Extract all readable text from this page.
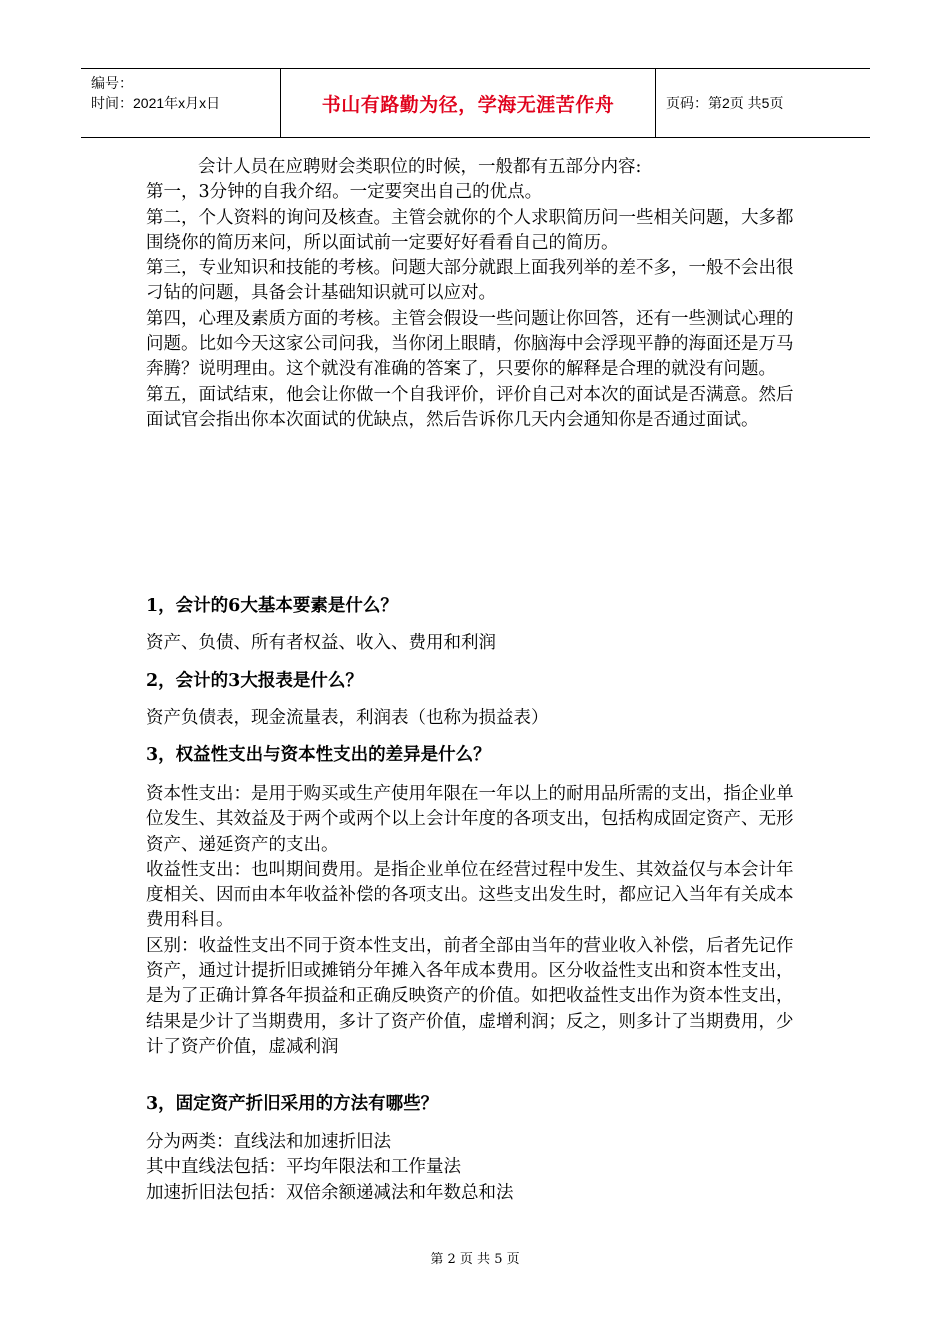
编号：
时间：2021年x月x日	书山有路勤为径，学海无涯苦作舟	页码：第2页 共5页

会计人员在应聘财会类职位的时候，一般都有五部分内容:

第一，3分钟的自我介绍。一定要突出自己的优点。

第二，个人资料的询问及核查。主管会就你的个人求职简历问一些相关问题，大多都围绕你的简历来问，所以面试前一定要好好看看自己的简历。

第三，专业知识和技能的考核。问题大部分就跟上面我列举的差不多，一般不会出很刁钻的问题，具备会计基础知识就可以应对。

第四，心理及素质方面的考核。主管会假设一些问题让你回答，还有一些测试心理的问题。比如今天这家公司问我，当你闭上眼睛，你脑海中会浮现平静的海面还是万马奔腾？说明理由。这个就没有准确的答案了，只要你的解释是合理的就没有问题。

第五，面试结束，他会让你做一个自我评价，评价自己对本次的面试是否满意。然后面试官会指出你本次面试的优缺点，然后告诉你几天内会通知你是否通过面试。

1，会计的6大基本要素是什么？

资产、负债、所有者权益、收入、费用和利润

2，会计的3大报表是什么？

资产负债表，现金流量表，利润表（也称为损益表）

3，权益性支出与资本性支出的差异是什么？

资本性支出：是用于购买或生产使用年限在一年以上的耐用品所需的支出，指企业单位发生、其效益及于两个或两个以上会计年度的各项支出，包括构成固定资产、无形资产、递延资产的支出。

收益性支出：也叫期间费用。是指企业单位在经营过程中发生、其效益仅与本会计年度相关、因而由本年收益补偿的各项支出。这些支出发生时，都应记入当年有关成本费用科目。

区别：收益性支出不同于资本性支出，前者全部由当年的营业收入补偿，后者先记作资产，通过计提折旧或摊销分年摊入各年成本费用。区分收益性支出和资本性支出，是为了正确计算各年损益和正确反映资产的价值。如把收益性支出作为资本性支出，结果是少计了当期费用，多计了资产价值，虚增利润；反之，则多计了当期费用，少计了资产价值，虚减利润

3，固定资产折旧采用的方法有哪些？

分为两类：直线法和加速折旧法

其中直线法包括：平均年限法和工作量法

加速折旧法包括：双倍余额递减法和年数总和法

第 2 页 共 5 页
